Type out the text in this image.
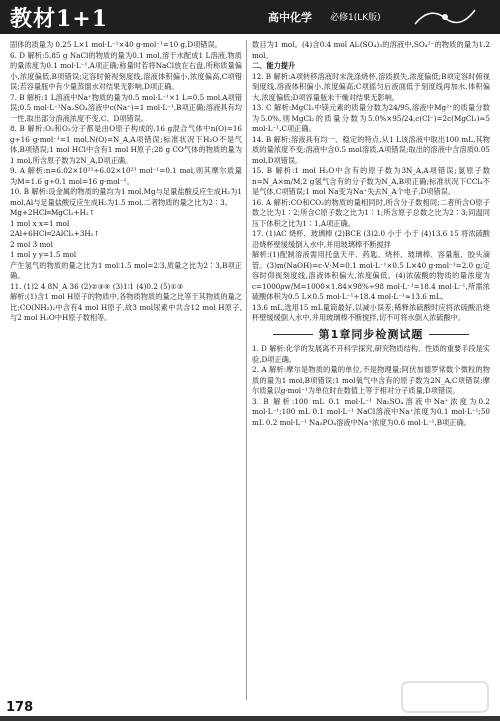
教材1+1	高中化学 必修1(LK版)

固体的质量为 0.25 L×1 mol·L⁻¹×40 g·mol⁻¹=10 g,D项错误。

6. D 解析:5.85 g NaCl的物质的量为0.1 mol,溶于水配成1 L溶液,物质的量浓度为0.1 mol·L⁻¹,A项正确;称量时若将NaCl放在右盘,所称质量偏小,浓度偏低,B项错误;定容时俯视刻度线,溶液体积偏小,浓度偏高,C项错误;若容量瓶中有少量蒸馏水对结果无影响,D项正确。

7. B 解析:1 L溶液中Na⁺物质的量为0.5 mol·L⁻¹×1 L=0.5 mol,A项错误;0.5 mol·L⁻¹Na₂SO₄溶液中c(Na⁺)=1 mol·L⁻¹,B项正确;溶液具有均一性,取出部分溶液浓度不变,C、D项错误。

8. B 解析:O₂和O₃分子都是由O原子构成的,16 g混合气体中n(O)=16 g÷16 g·mol⁻¹=1 mol,N(O)=N_A,A项错误;标准状况下H₂O不是气体,B项错误;1 mol HCl中含有1 mol H原子;28 g CO气体的物质的量为1 mol,所含原子数为2N_A,D项正确。

9. A 解析:n=6.02×10²²÷6.02×10²³ mol⁻¹=0.1 mol,则其摩尔质量为M=1.6 g÷0.1 mol=16 g·mol⁻¹。

10. B 解析:设金属的物质的量均为1 mol,Mg与足量盐酸反应生成H₂为1 mol,Al与足量盐酸反应生成H₂为1.5 mol,二者物质的量之比为2∶3。

Mg+2HCl═MgCl₂+H₂↑

1 mol x x=1 mol

2Al+6HCl═2AlCl₃+3H₂↑

2 mol 3 mol

1 mol y y=1.5 mol

产生氢气的物质的量之比为1 mol∶1.5 mol=2∶3,质量之比为2∶3,B项正确。

11. (1)2 4 8N_A 36 (2)②③④ (3)1∶1 (4)0.2 (5)①③

解析:(1)含1 mol H原子的物质中,各物质物质的量之比等于其物质的量之比;CO(NH₂)₂中含有4 mol H原子,故3 mol尿素中共含12 mol H原子,与2 mol H₂O中H原子数相等。

数目为1 mol。(4)含0.4 mol Al₂(SO₄)₃的溶液中,SO₄²⁻的物质的量为1.2 mol。

二、能力提升

12. B 解析:A项转移溶液时未洗涤烧杯,溶质损失,浓度偏低;B项定容时俯视刻度线,溶液体积偏小,浓度偏高;C项摇匀后液面低于刻度线再加水,体积偏大,浓度偏低;D项容量瓶未干燥对结果无影响。

13. C 解析:MgCl₂中镁元素的质量分数为24/95,溶液中Mg²⁺的质量分数为5.0%,则MgCl₂的质量分数为5.0%×95/24,c(Cl⁻)=2c(MgCl₂)≈5 mol·L⁻¹,C项正确。

14. B 解析:溶液具有均一、稳定的特点,从1 L该溶液中取出100 mL,其物质的量浓度不变;溶液中含0.5 mol溶质,A项错误;取出的溶液中含溶质0.05 mol,D项错误。

15. B 解析:1 mol H₂O中含有的原子数为3N_A,A项错误;氯原子数n=N_A×m/M,2 g氢气含有的分子数为N_A,B项正确;标准状况下CCl₄不是气体,C项错误;1 mol Na变为Na⁺失去N_A个电子,D项错误。

16. A 解析:CO和CO₂的物质的量相同时,所含分子数相同;二者所含O原子数之比为1∶2;所含C原子数之比为1∶1;所含原子总数之比为2∶3;同温同压下体积之比为1∶1,A项正确。

17. (1)AC 烧杯、玻璃棒 (2)BCE (3)2.0 小于 小于 (4)13.6 15 将浓硫酸沿烧杯壁缓缓倒入水中,并用玻璃棒不断搅拌

解析:(1)配制溶液需用托盘天平、药匙、烧杯、玻璃棒、容量瓶、胶头滴管。(3)m(NaOH)=c·V·M=0.1 mol·L⁻¹×0.5 L×40 g·mol⁻¹=2.0 g;定容时仰视刻度线,溶液体积偏大,浓度偏低。(4)浓硫酸的物质的量浓度为c=1000ρw/M=1000×1.84×98%÷98 mol·L⁻¹=18.4 mol·L⁻¹,所需浓硫酸体积为0.5 L×0.5 mol·L⁻¹÷18.4 mol·L⁻¹≈13.6 mL。

13.6 mL,选用15 mL量筒最好,以减小误差;稀释浓硫酸时应将浓硫酸沿烧杯壁缓缓倒入水中,并用玻璃棒不断搅拌,切不可将水倒入浓硫酸中。

第1章同步检测试题

1. D 解析:化学的发展离不开科学探究,研究物质结构、性质的重要手段是实验,D项正确。

2. A 解析:摩尔是物质的量的单位,不是物理量;阿伏加德罗常数个微粒的物质的量为1 mol,B项错误;1 mol氧气中含有的原子数为2N_A,C项错误;摩尔质量以g·mol⁻¹为单位时在数值上等于相对分子质量,D项错误。

3. B 解析:100 mL 0.1 mol·L⁻¹ Na₂SO₄溶液中Na⁺浓度为0.2 mol·L⁻¹;100 mL 0.1 mol·L⁻¹ NaCl溶液中Na⁺浓度为0.1 mol·L⁻¹;50 mL 0.2 mol·L⁻¹ Na₃PO₄溶液中Na⁺浓度为0.6 mol·L⁻¹,B项正确。

178
